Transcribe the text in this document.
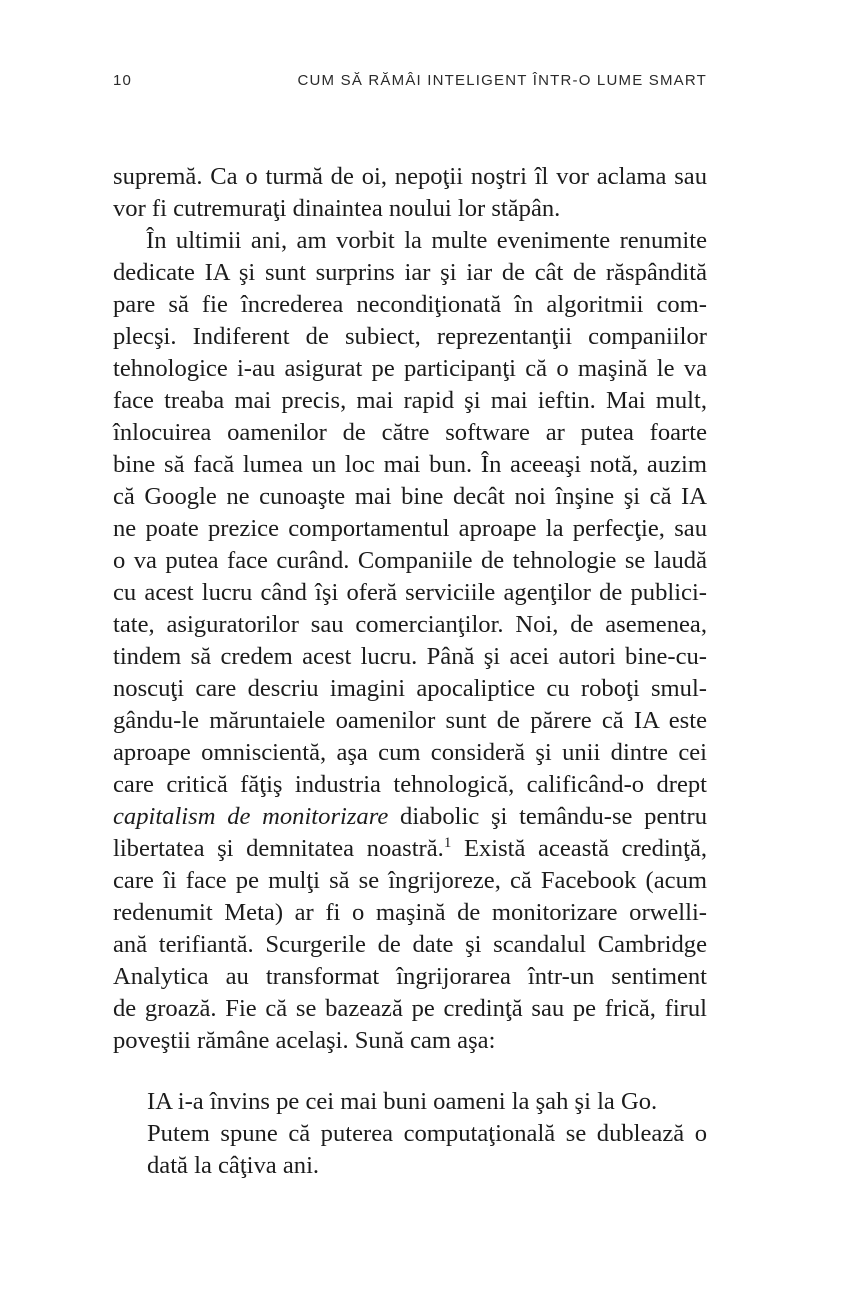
10	CUM SĂ RĂMÂI INTELIGENT ÎNTR-O LUME SMART
supremă. Ca o turmă de oi, nepoţii noştri îl vor aclama sau
vor fi cutremuraţi dinaintea noului lor stăpân.
În ultimii ani, am vorbit la multe evenimente renumite
dedicate IA şi sunt surprins iar şi iar de cât de răspândită
pare să fie încrederea necondiţionată în algoritmii com-
plecşi. Indiferent de subiect, reprezentanţii companiilor
tehnologice i-au asigurat pe participanţi că o maşină le va
face treaba mai precis, mai rapid şi mai ieftin. Mai mult,
înlocuirea oamenilor de către software ar putea foarte
bine să facă lumea un loc mai bun. În aceeaşi notă, auzim
că Google ne cunoaşte mai bine decât noi înşine şi că IA
ne poate prezice comportamentul aproape la perfecţie, sau
o va putea face curând. Companiile de tehnologie se laudă
cu acest lucru când îşi oferă serviciile agenţilor de publici-
tate, asiguratorilor sau comercianţilor. Noi, de asemenea,
tindem să credem acest lucru. Până şi acei autori bine-cu-
noscuţi care descriu imagini apocaliptice cu roboţi smul-
gându-le măruntaiele oamenilor sunt de părere că IA este
aproape omniscientă, aşa cum consideră şi unii dintre cei
care critică făţiş industria tehnologică, calificând-o drept
capitalism de monitorizare diabolic şi temându-se pentru
libertatea şi demnitatea noastră.$^1$ Există această credinţă,
care îi face pe mulţi să se îngrijoreze, că Facebook (acum
redenumit Meta) ar fi o maşină de monitorizare orwelli-
ană terifiantă. Scurgerile de date şi scandalul Cambridge
Analytica au transformat îngrijorarea într-un sentiment
de groază. Fie că se bazează pe credinţă sau pe frică, firul
poveştii rămâne acelaşi. Sună cam aşa:
IA i-a învins pe cei mai buni oameni la şah şi la Go.
Putem spune că puterea computaţională se dublează o
dată la câţiva ani.
